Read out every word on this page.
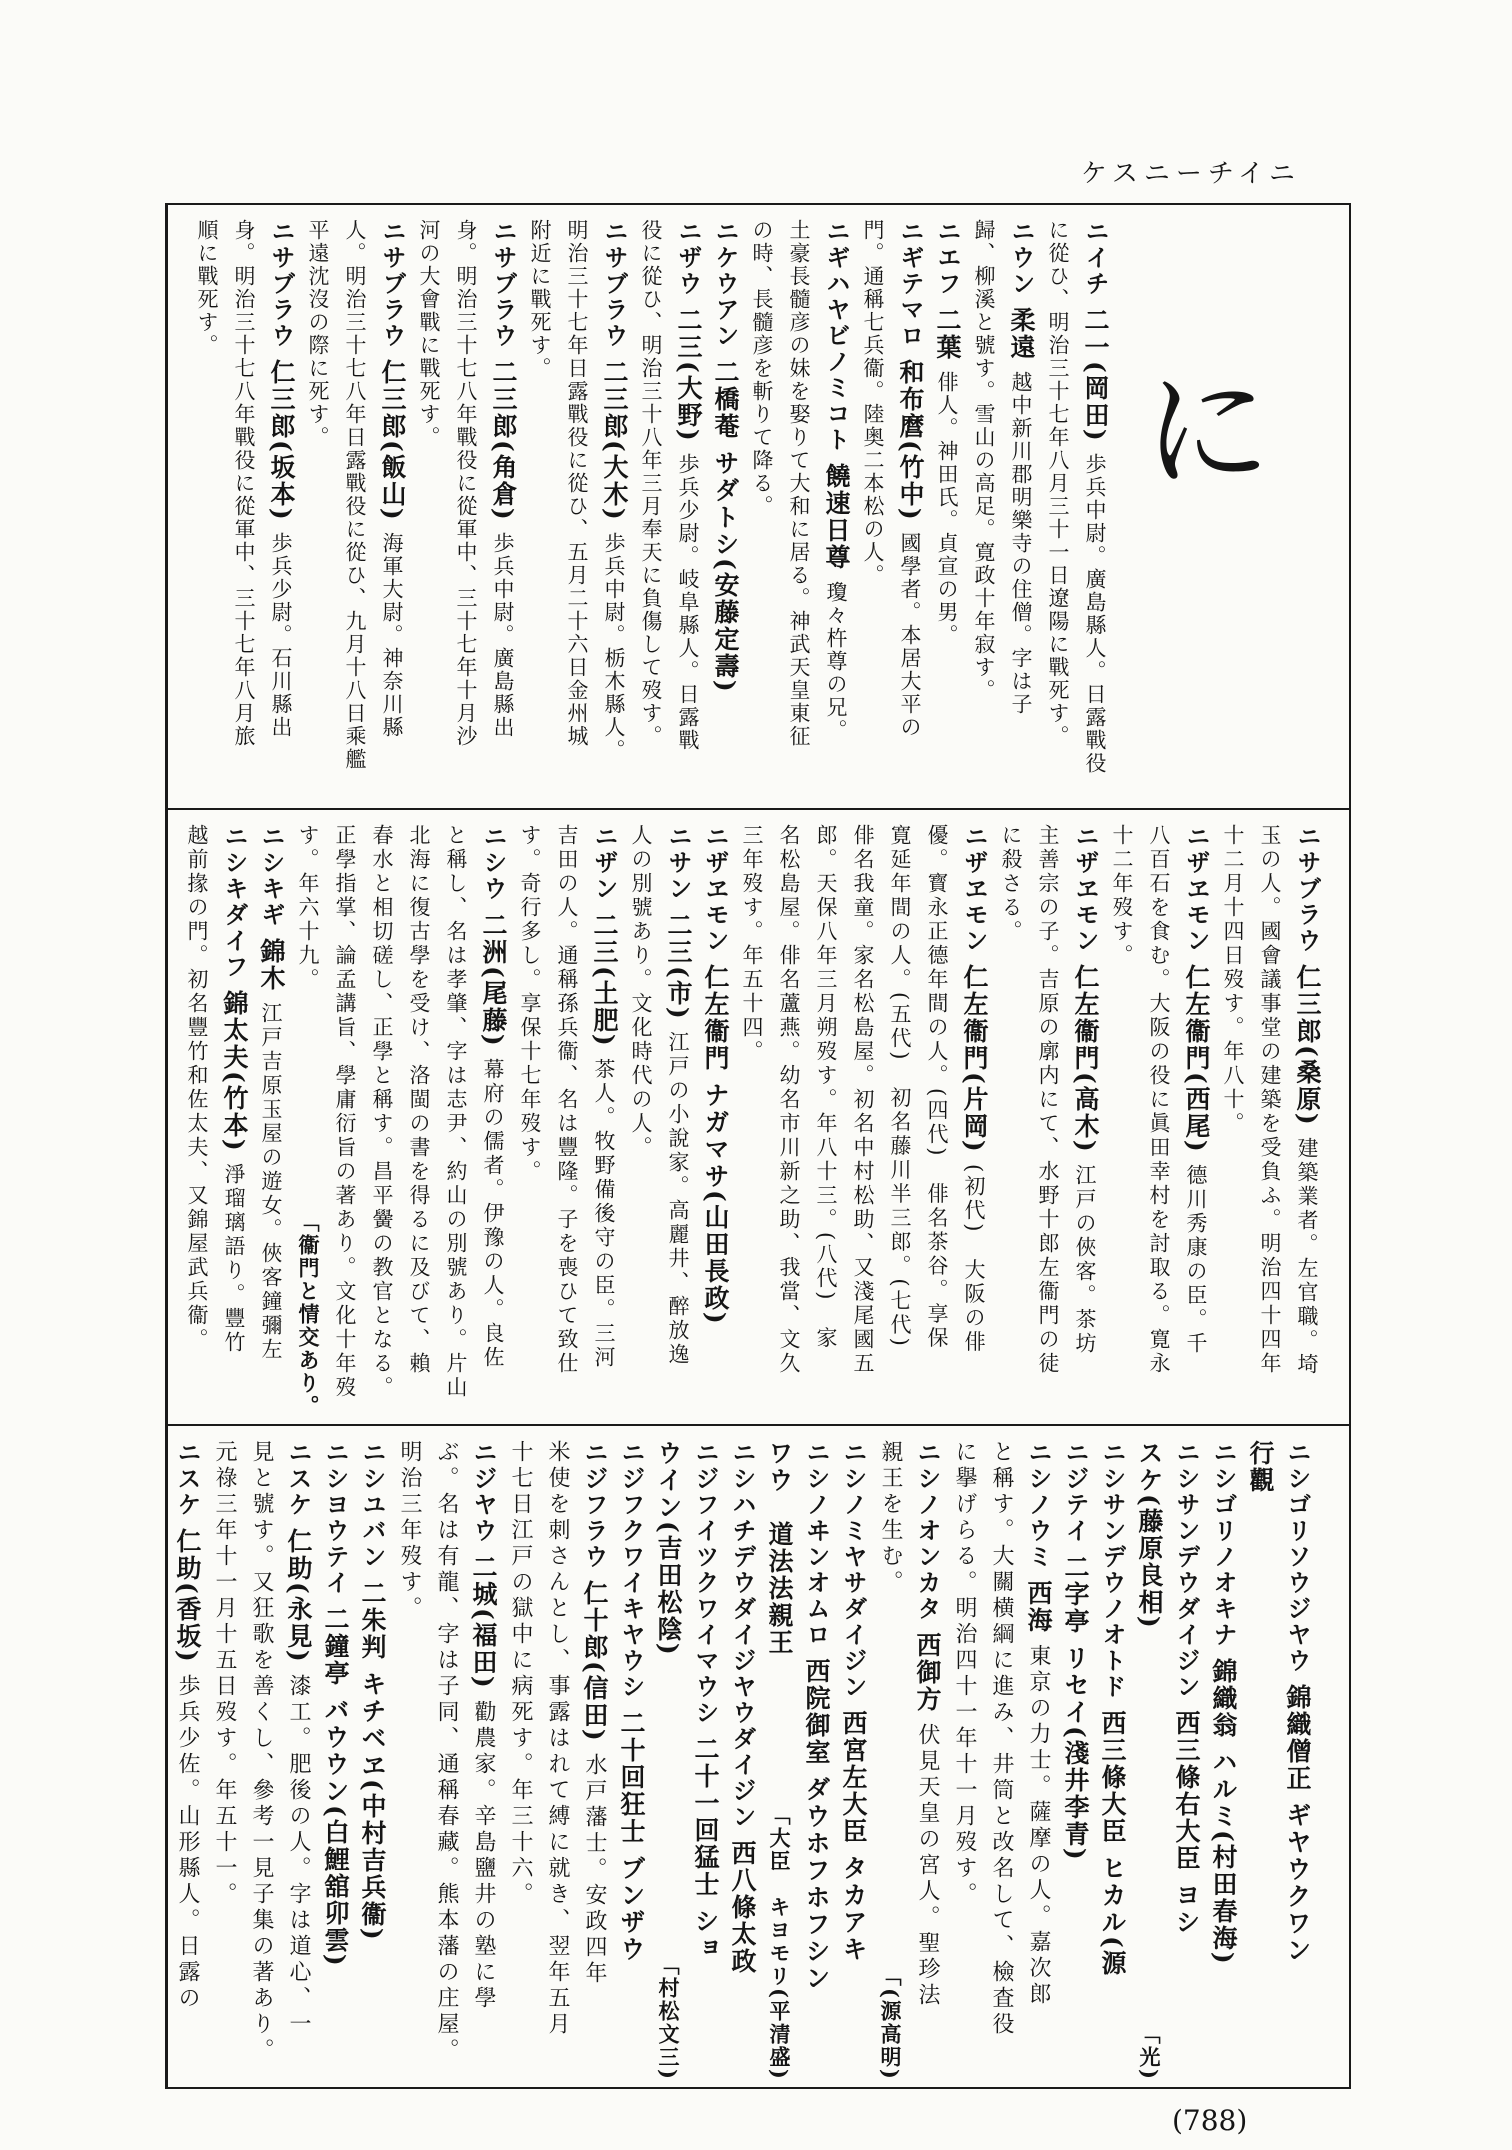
ケスニーチイニ
ニイチ二一(岡田)歩兵中尉。廣島縣人。日露戰役
に從ひ、明治三十七年八月三十一日遼陽に戰死す。
ニウン柔遠越中新川郡明樂寺の住僧。字は子
歸、柳溪と號す。雪山の高足。寛政十年寂す。
ニエフ二葉俳人。神田氏。貞宣の男。
ニギテマロ和布麿(竹中)國學者。本居大平の
門。通稱七兵衞。陸奥二本松の人。
ニギハヤビノミコト饒速日尊瓊々杵尊の兄。
土豪長髓彦の妹を娶りて大和に居る。神武天皇東征
の時、長髓彦を斬りて降る。
ニケウアン二橋菴サダトシ(安藤定壽)
ニザウ二三(大野)歩兵少尉。岐阜縣人。日露戰
役に從ひ、明治三十八年三月奉天に負傷して歿す。
ニサブラウ二三郎(大木)歩兵中尉。栃木縣人。
明治三十七年日露戰役に從ひ、五月二十六日金州城
附近に戰死す。
ニサブラウ二三郎(角倉)歩兵中尉。廣島縣出
身。明治三十七八年戰役に從軍中、三十七年十月沙
河の大會戰に戰死す。
ニサブラウ仁三郎(飯山)海軍大尉。神奈川縣
人。明治三十七八年日露戰役に從ひ、九月十八日乘艦
平遠沈沒の際に死す。
ニサブラウ仁三郎(坂本)歩兵少尉。石川縣出
身。明治三十七八年戰役に從軍中、三十七年八月旅
順に戰死す。
ニサブラウ仁三郎(桑原)建築業者。左官職。埼
玉の人。國會議事堂の建築を受負ふ。明治四十四年
十二月十四日歿す。年八十。
ニザヱモン仁左衞門(西尾)德川秀康の臣。千
八百石を食む。大阪の役に眞田幸村を討取る。寛永
十二年歿す。
ニザヱモン仁左衞門(高木)江戸の俠客。茶坊
主善宗の子。吉原の廓内にて、水野十郎左衞門の徒
に殺さる。
ニザヱモン仁左衞門(片岡)(初代)　大阪の俳
優。寳永正德年間の人。(四代)　俳名茶谷。享保
寛延年間の人。(五代)　初名藤川半三郎。(七代)
俳名我童。家名松島屋。初名中村松助、又淺尾國五
郎。天保八年三月朔歿す。年八十三。(八代)　家
名松島屋。俳名蘆燕。幼名市川新之助、我當、文久
三年歿す。年五十四。
ニザヱモン仁左衞門ナガマサ(山田長政)
ニサン二三(市)江戸の小說家。高麗井、醉放逸
人の別號あり。文化時代の人。
ニザン二三(土肥)茶人。牧野備後守の臣。三河
吉田の人。通稱孫兵衞、名は豐隆。子を喪ひて致仕
す。奇行多し。享保十七年歿す。
ニシウ二洲(尾藤)幕府の儒者。伊豫の人。良佐
と稱し、名は孝肇、字は志尹、約山の別號あり。片山
北海に復古學を受け、洛閩の書を得るに及びて、賴
春水と相切磋し、正學と稱す。昌平黌の教官となる。
正學指掌、論孟講旨、學庸衍旨の著あり。文化十年歿
す。年六十九。
「衞門と情交あり。
ニシキギ錦木江戸吉原玉屋の遊女。俠客鐘彌左
ニシキダイフ錦太夫(竹本)淨瑠璃語り。豐竹
越前掾の門。初名豐竹和佐太夫、又錦屋武兵衞。
ニシゴリソウジヤウ錦織僧正ギヤウクワン
行觀
ニシゴリノオキナ錦織翁ハルミ(村田春海)
ニシサンデウダイジン西三條右大臣ヨシ
スケ(藤原良相)
「光)
ニシサンデウノオトド西三條大臣ヒカル(源
ニジテイ二字亭リセイ(淺井李青)
ニシノウミ西海東京の力士。薩摩の人。嘉次郎
と稱す。大關横綱に進み、井筒と改名して、檢査役
に擧げらる。明治四十一年十一月歿す。
ニシノオンカタ西御方伏見天皇の宮人。聖珍法
親王を生む。
「(源高明)
ニシノミヤサダイジン西宮左大臣タカアキ
ニシノヰンオムロ西院御室ダウホフホフシン
ワウ　道法法親王
「大臣　キヨモリ(平清盛)
ニシハチデウダイジヤウダイジン西八條太政
ニジフイツクワイマウシ二十一回猛士ショ
ウイン(吉田松陰)
「村松文三)
ニジフクワイキヤウシ二十回狂士ブンザウ
ニジフラウ仁十郎(信田)水戸藩士。安政四年
米使を刺さんとし、事露はれて縛に就き、翌年五月
十七日江戸の獄中に病死す。年三十六。
ニジヤウ二城(福田)勸農家。辛島鹽井の塾に學
ぶ。名は有龍、字は子同、通稱春藏。熊本藩の庄屋。
明治三年歿す。
ニシユバン二朱判キチベヱ(中村吉兵衞)
ニシヨウテイ二鐘亭バウウン(白鯉舘卯雲)
ニスケ仁助(永見)漆工。肥後の人。字は道心、一
見と號す。又狂歌を善くし、參考一見子集の著あり。
元祿三年十一月十五日歿す。年五十一。
ニスケ仁助(香坂)歩兵少佐。山形縣人。日露の
に
(788)
